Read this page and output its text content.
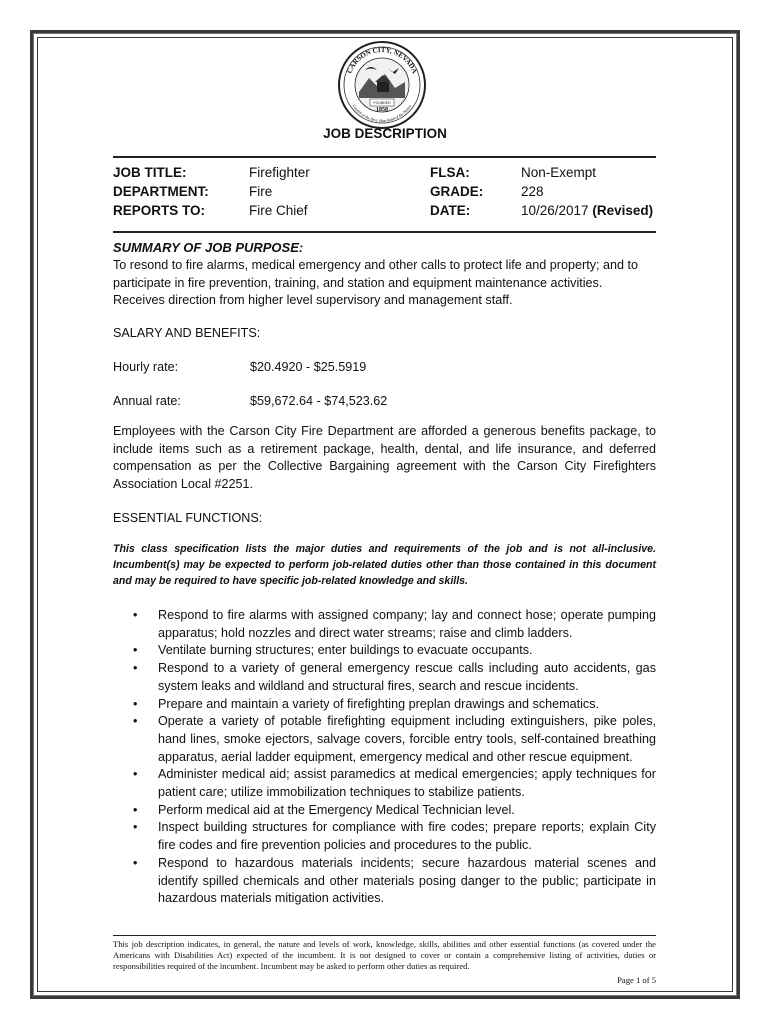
CARSON CITY, NEVADA
Capital of the Best. Heartland of the Nation
FOUNDED
1858
JOB DESCRIPTION
JOB TITLE:	Firefighter	FLSA:	Non-Exempt
DEPARTMENT:	Fire	GRADE:	228
REPORTS TO:	Fire Chief	DATE:	10/26/2017 (Revised)
SUMMARY OF JOB PURPOSE:
To resond to fire alarms, medical emergency and other calls to protect life and property; and to participate in fire prevention, training, and station and equipment maintenance activities. Receives direction from higher level supervisory and management staff.
SALARY AND BENEFITS:
Hourly rate:	$20.4920 - $25.5919
Annual rate:	$59,672.64 - $74,523.62
Employees with the Carson City Fire Department are afforded a generous benefits package, to include items such as a retirement package, health, dental, and life insurance, and deferred compensation as per the Collective Bargaining agreement with the Carson City Firefighters Association Local #2251.
ESSENTIAL FUNCTIONS:
This class specification lists the major duties and requirements of the job and is not all-inclusive. Incumbent(s) may be expected to perform job-related duties other than those contained in this document and may be required to have specific job-related knowledge and skills.
• Respond to fire alarms with assigned company; lay and connect hose; operate pumping apparatus; hold nozzles and direct water streams; raise and climb ladders.
• Ventilate burning structures; enter buildings to evacuate occupants.
• Respond to a variety of general emergency rescue calls including auto accidents, gas system leaks and wildland and structural fires, search and rescue incidents.
• Prepare and maintain a variety of firefighting preplan drawings and schematics.
• Operate a variety of potable firefighting equipment including extinguishers, pike poles, hand lines, smoke ejectors, salvage covers, forcible entry tools, self-contained breathing apparatus, aerial ladder equipment, emergency medical and other rescue equipment.
• Administer medical aid; assist paramedics at medical emergencies; apply techniques for patient care; utilize immobilization techniques to stabilize patients.
• Perform medical aid at the Emergency Medical Technician level.
• Inspect building structures for compliance with fire codes; prepare reports; explain City fire codes and fire prevention policies and procedures to the public.
• Respond to hazardous materials incidents; secure hazardous material scenes and identify spilled chemicals and other materials posing danger to the public; participate in hazardous materials mitigation activities.
This job description indicates, in general, the nature and levels of work, knowledge, skills, abilities and other essential functions (as covered under the Americans with Disabilities Act) expected of the incumbent. It is not designed to cover or contain a comprehensive listing of activities, duties or responsibilities required of the incumbent. Incumbent may be asked to perform other duties as required.
Page 1 of 5
